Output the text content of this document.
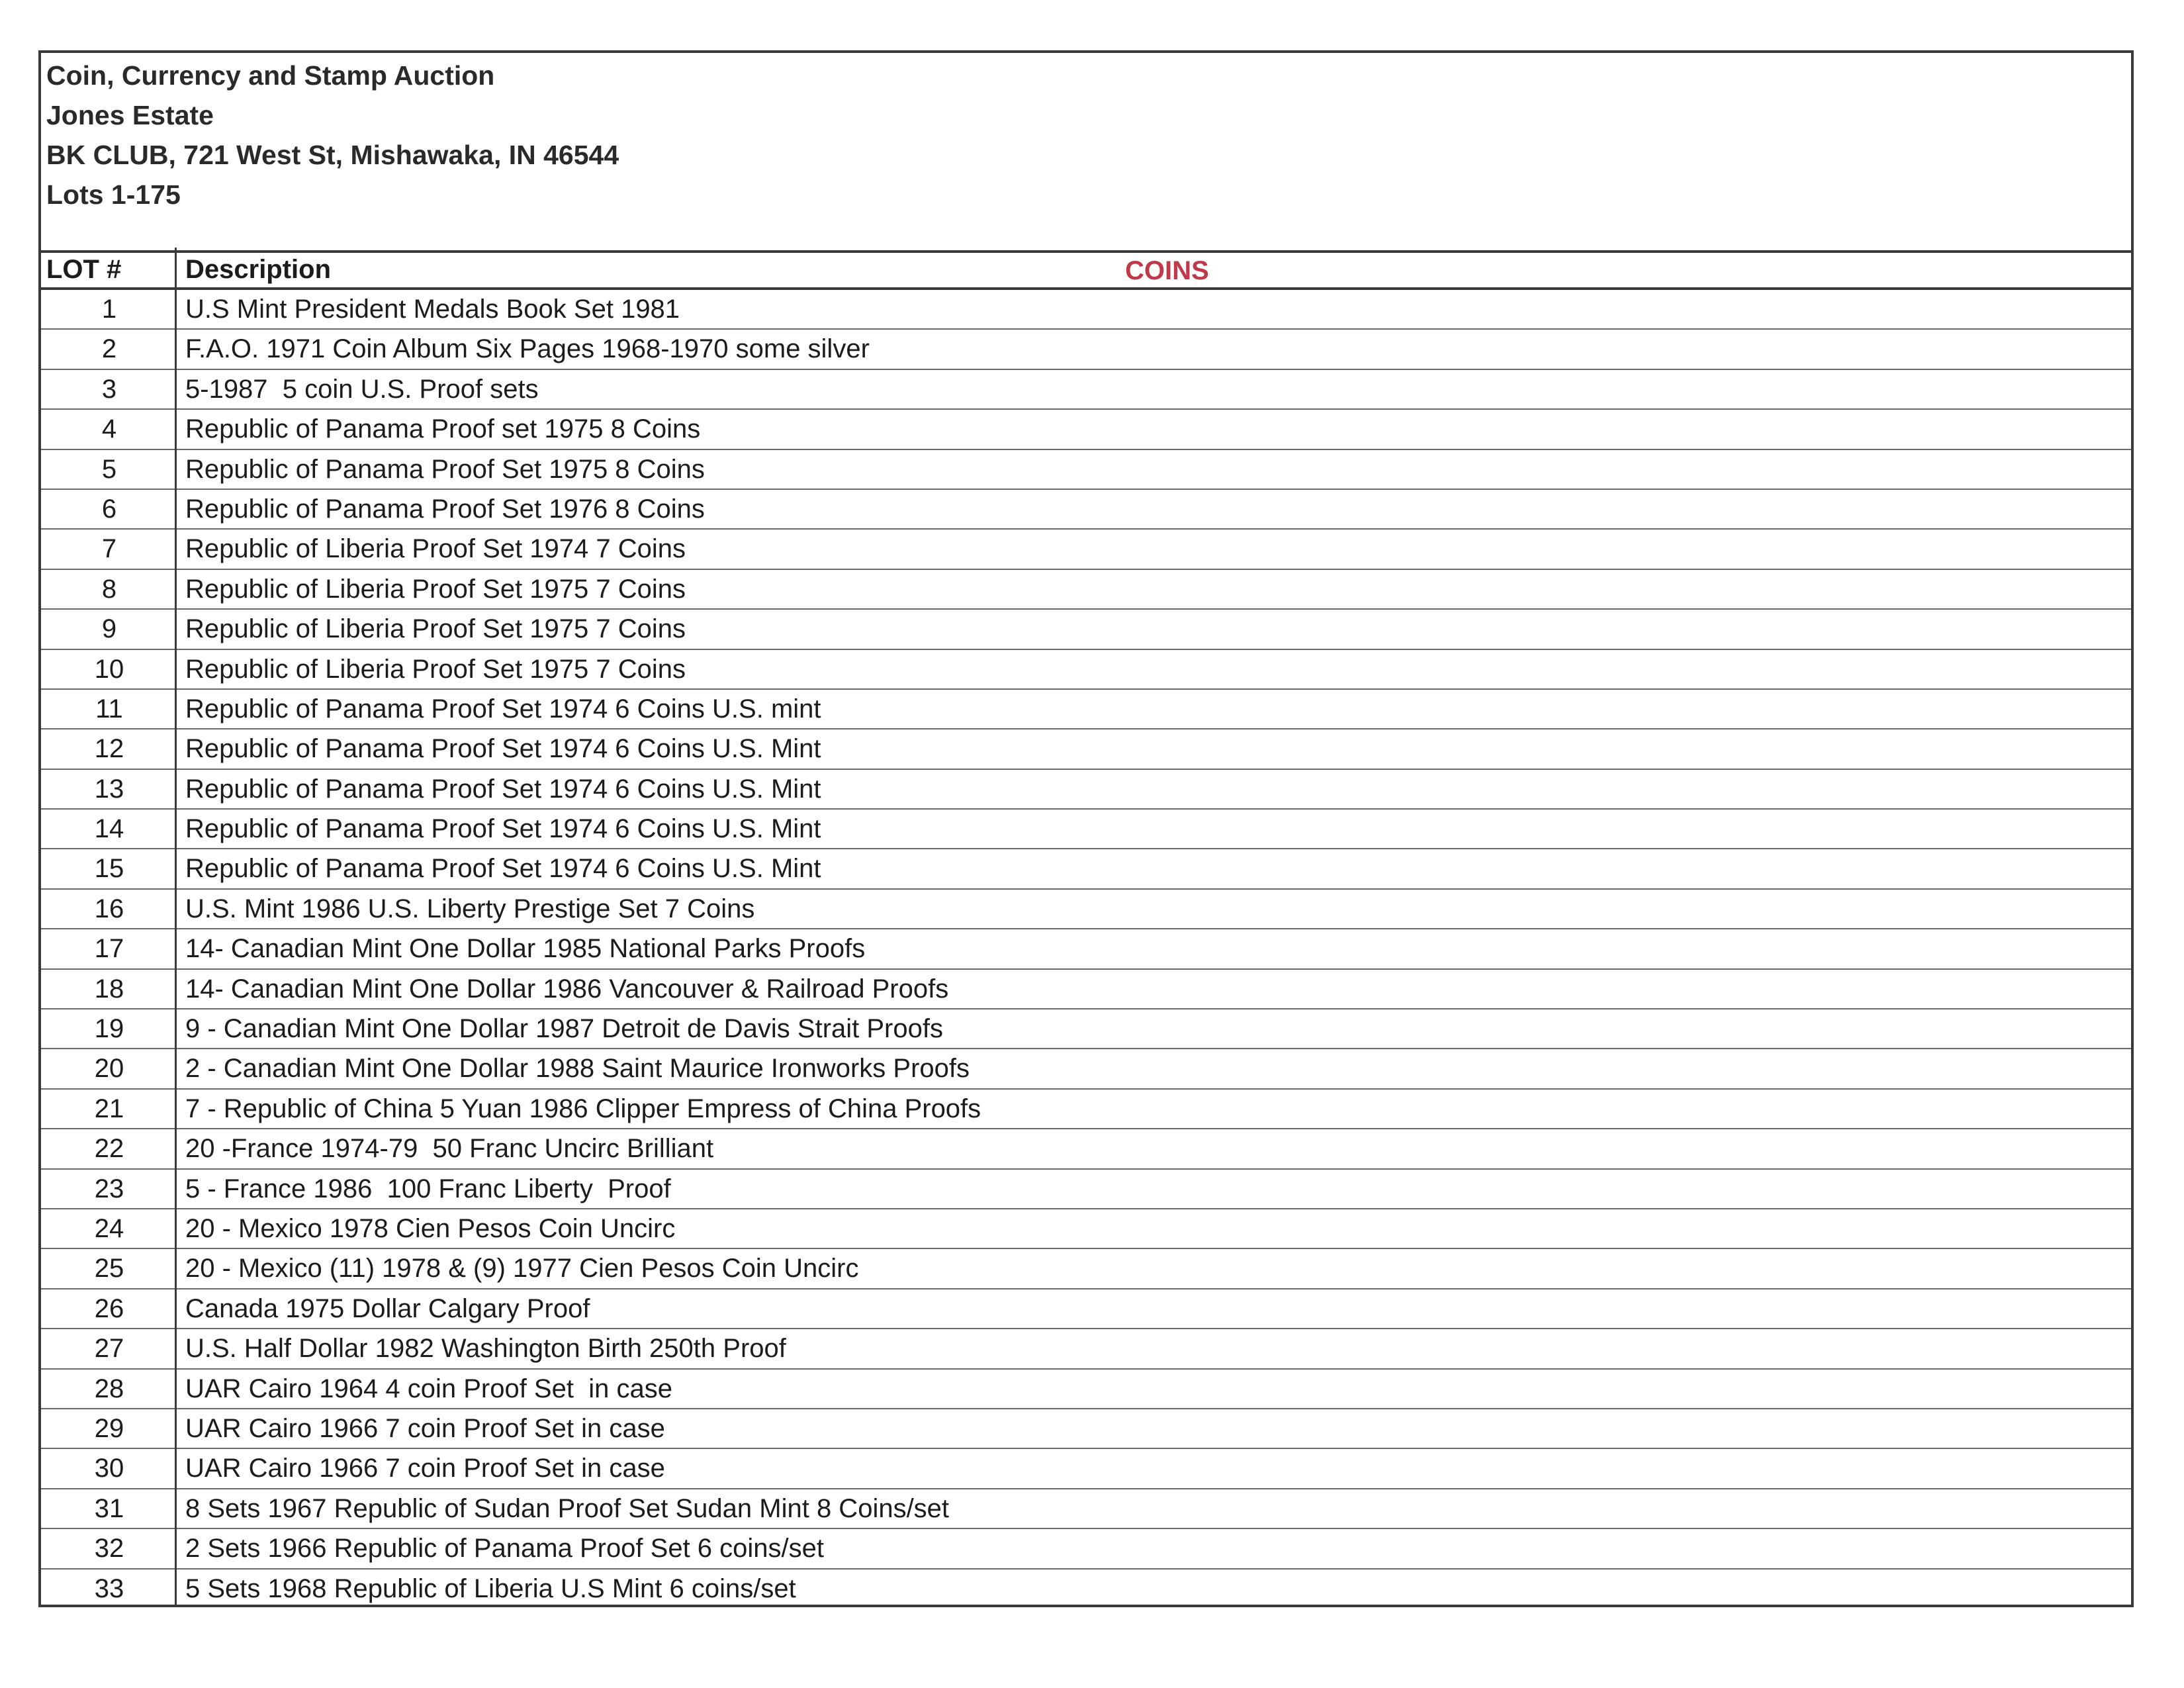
Coin, Currency and Stamp Auction
Jones Estate
BK CLUB, 721 West St, Mishawaka, IN 46544
Lots 1-175
LOT # Description	COINS
1	U.S Mint President Medals Book Set 1981
2	F.A.O. 1971 Coin Album Six Pages 1968-1970 some silver
3	5-1987  5 coin U.S. Proof sets
4	Republic of Panama Proof set 1975 8 Coins
5	Republic of Panama Proof Set 1975 8 Coins
6	Republic of Panama Proof Set 1976 8 Coins
7	Republic of Liberia Proof Set 1974 7 Coins
8	Republic of Liberia Proof Set 1975 7 Coins
9	Republic of Liberia Proof Set 1975 7 Coins
10	Republic of Liberia Proof Set 1975 7 Coins
11	Republic of Panama Proof Set 1974 6 Coins U.S. mint
12	Republic of Panama Proof Set 1974 6 Coins U.S. Mint
13	Republic of Panama Proof Set 1974 6 Coins U.S. Mint
14	Republic of Panama Proof Set 1974 6 Coins U.S. Mint
15	Republic of Panama Proof Set 1974 6 Coins U.S. Mint
16	U.S. Mint 1986 U.S. Liberty Prestige Set 7 Coins
17	14- Canadian Mint One Dollar 1985 National Parks Proofs
18	14- Canadian Mint One Dollar 1986 Vancouver & Railroad Proofs
19	9 - Canadian Mint One Dollar 1987 Detroit de Davis Strait Proofs
20	2 - Canadian Mint One Dollar 1988 Saint Maurice Ironworks Proofs
21	7 - Republic of China 5 Yuan 1986 Clipper Empress of China Proofs
22	20 -France 1974-79  50 Franc Uncirc Brilliant
23	5 - France 1986  100 Franc Liberty  Proof
24	20 - Mexico 1978 Cien Pesos Coin Uncirc
25	20 - Mexico (11) 1978 & (9) 1977 Cien Pesos Coin Uncirc
26	Canada 1975 Dollar Calgary Proof
27	U.S. Half Dollar 1982 Washington Birth 250th Proof
28	UAR Cairo 1964 4 coin Proof Set  in case
29	UAR Cairo 1966 7 coin Proof Set in case
30	UAR Cairo 1966 7 coin Proof Set in case
31	8 Sets 1967 Republic of Sudan Proof Set Sudan Mint 8 Coins/set
32	2 Sets 1966 Republic of Panama Proof Set 6 coins/set
33	5 Sets 1968 Republic of Liberia U.S Mint 6 coins/set
